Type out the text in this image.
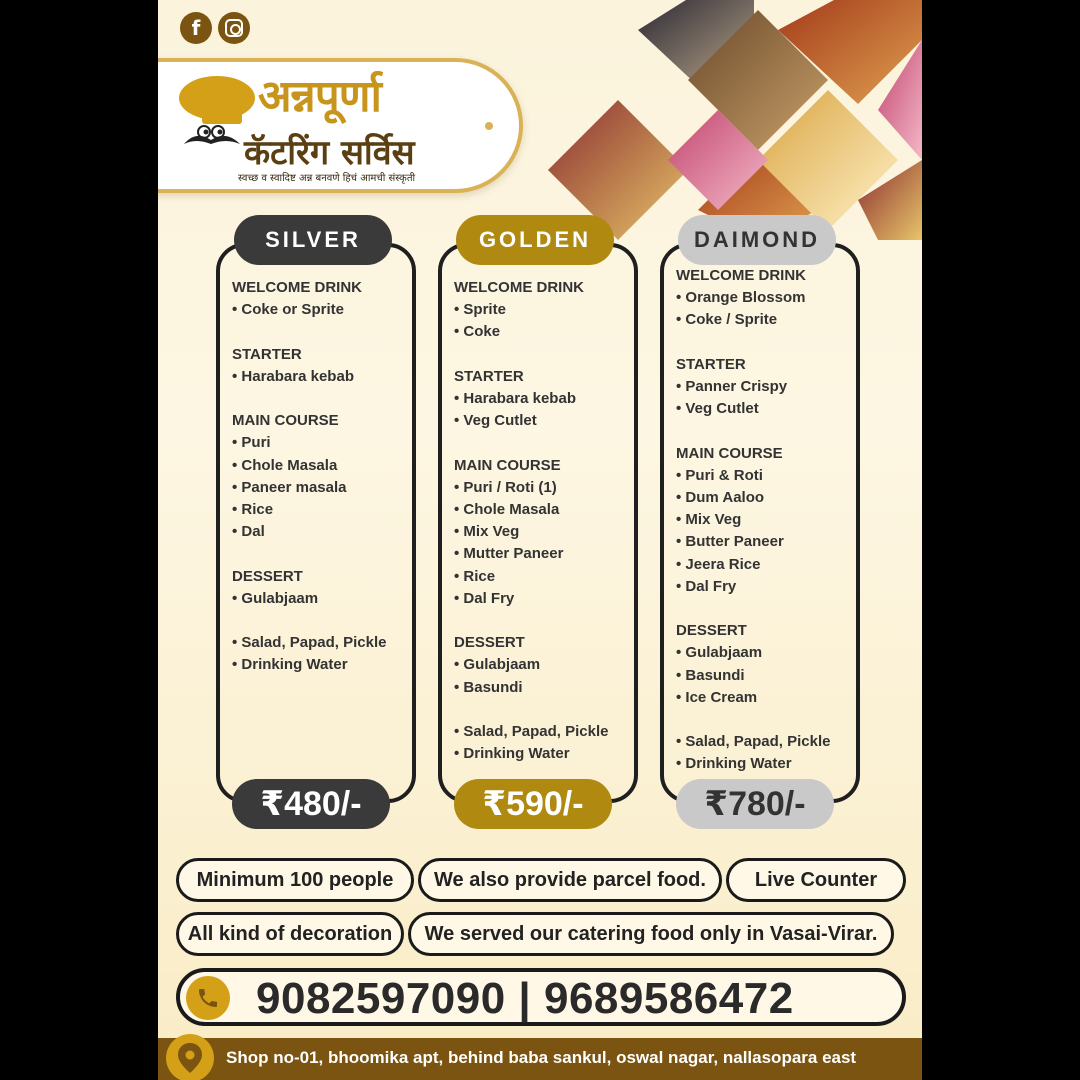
f
अन्नपूर्णा
कॅटरिंग सर्विस
स्वच्छ व स्वादिष्ट अन्न बनवणे हिचं आमची संस्कृती
SILVER
WELCOME DRINK
• Coke or Sprite
STARTER
• Harabara kebab
MAIN COURSE
• Puri
• Chole Masala
• Paneer masala
• Rice
• Dal
DESSERT
• Gulabjaam
• Salad, Papad, Pickle
• Drinking Water
₹480/-
GOLDEN
WELCOME DRINK
• Sprite
• Coke
STARTER
• Harabara kebab
• Veg Cutlet
MAIN COURSE
• Puri / Roti (1)
• Chole Masala
• Mix Veg
• Mutter Paneer
• Rice
• Dal Fry
DESSERT
• Gulabjaam
• Basundi
• Salad, Papad, Pickle
• Drinking Water
₹590/-
DAIMOND
WELCOME DRINK
• Orange Blossom
• Coke / Sprite
STARTER
• Panner Crispy
• Veg Cutlet
MAIN COURSE
• Puri & Roti
• Dum Aaloo
• Mix Veg
• Butter Paneer
• Jeera Rice
• Dal Fry
DESSERT
• Gulabjaam
• Basundi
• Ice Cream
• Salad, Papad, Pickle
• Drinking Water
₹780/-
Minimum 100 people	We also provide parcel food.	Live Counter
All kind of decoration	We served our catering food only in Vasai-Virar.
9082597090 | 9689586472
Shop no-01, bhoomika apt, behind baba sankul, oswal nagar, nallasopara east
